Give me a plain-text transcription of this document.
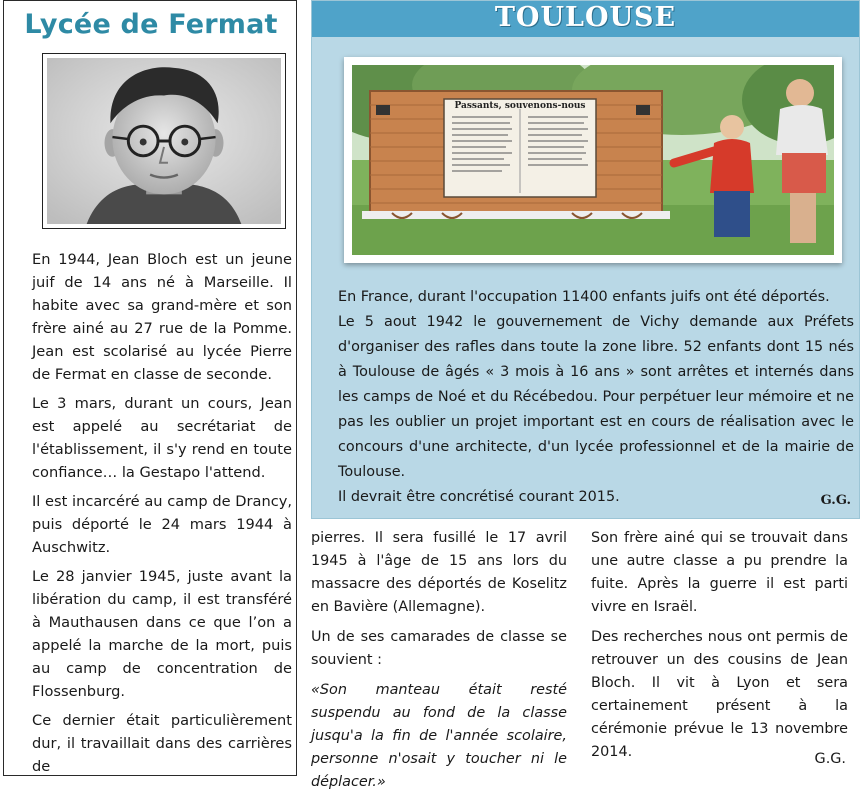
Lycée de Fermat

En 1944, Jean Bloch est un jeune juif de 14 ans né à Marseille. Il habite avec sa grand-mère et son frère ainé au 27 rue de la Pomme. Jean est scolarisé au lycée Pierre de Fermat en classe de seconde.

Le 3 mars, durant un cours, Jean est appelé au secrétariat de l'établissement, il s'y rend en toute confiance… la Gestapo l'attend.

Il est incarcéré au camp de Drancy, puis déporté le 24 mars 1944 à Auschwitz.

Le 28 janvier 1945, juste avant la libération du camp, il est transféré à Mauthausen dans ce que l’on a appelé la marche de la mort, puis au camp de concentration de Flossenburg.

Ce dernier était particulièrement dur, il travaillait dans des carrières de

TOULOUSE
Passants, souvenons-nous

En France, durant l'occupation 11400 enfants juifs ont été déportés.

Le 5 aout 1942 le gouvernement de Vichy demande aux Préfets d'organiser des rafles dans toute la zone libre. 52 enfants dont 15 nés à Toulouse de âgés « 3 mois à 16 ans » sont arrêtes et internés dans les camps de Noé et du Récébedou. Pour perpétuer leur mémoire et ne pas les oublier un projet important est en cours de réalisation avec le concours d'une architecte, d'un lycée professionnel et de la mairie de Toulouse.

Il devrait être concrétisé courant 2015.	G.G.

pierres. Il sera fusillé le 17 avril 1945 à l'âge de 15 ans lors du massacre des déportés de Koselitz en Bavière (Allemagne).

Un de ses camarades de classe se souvient :

«Son manteau était resté suspendu au fond de la classe jusqu'a la fin de l'année scolaire, personne n'osait y toucher ni le déplacer.»

Son frère ainé qui se trouvait dans une autre classe a pu prendre la fuite. Après la guerre il est parti vivre en Israël.

Des recherches nous ont permis de retrouver un des cousins de Jean Bloch. Il vit à Lyon et sera certainement présent à la cérémonie prévue le 13 novembre 2014.	G.G.
